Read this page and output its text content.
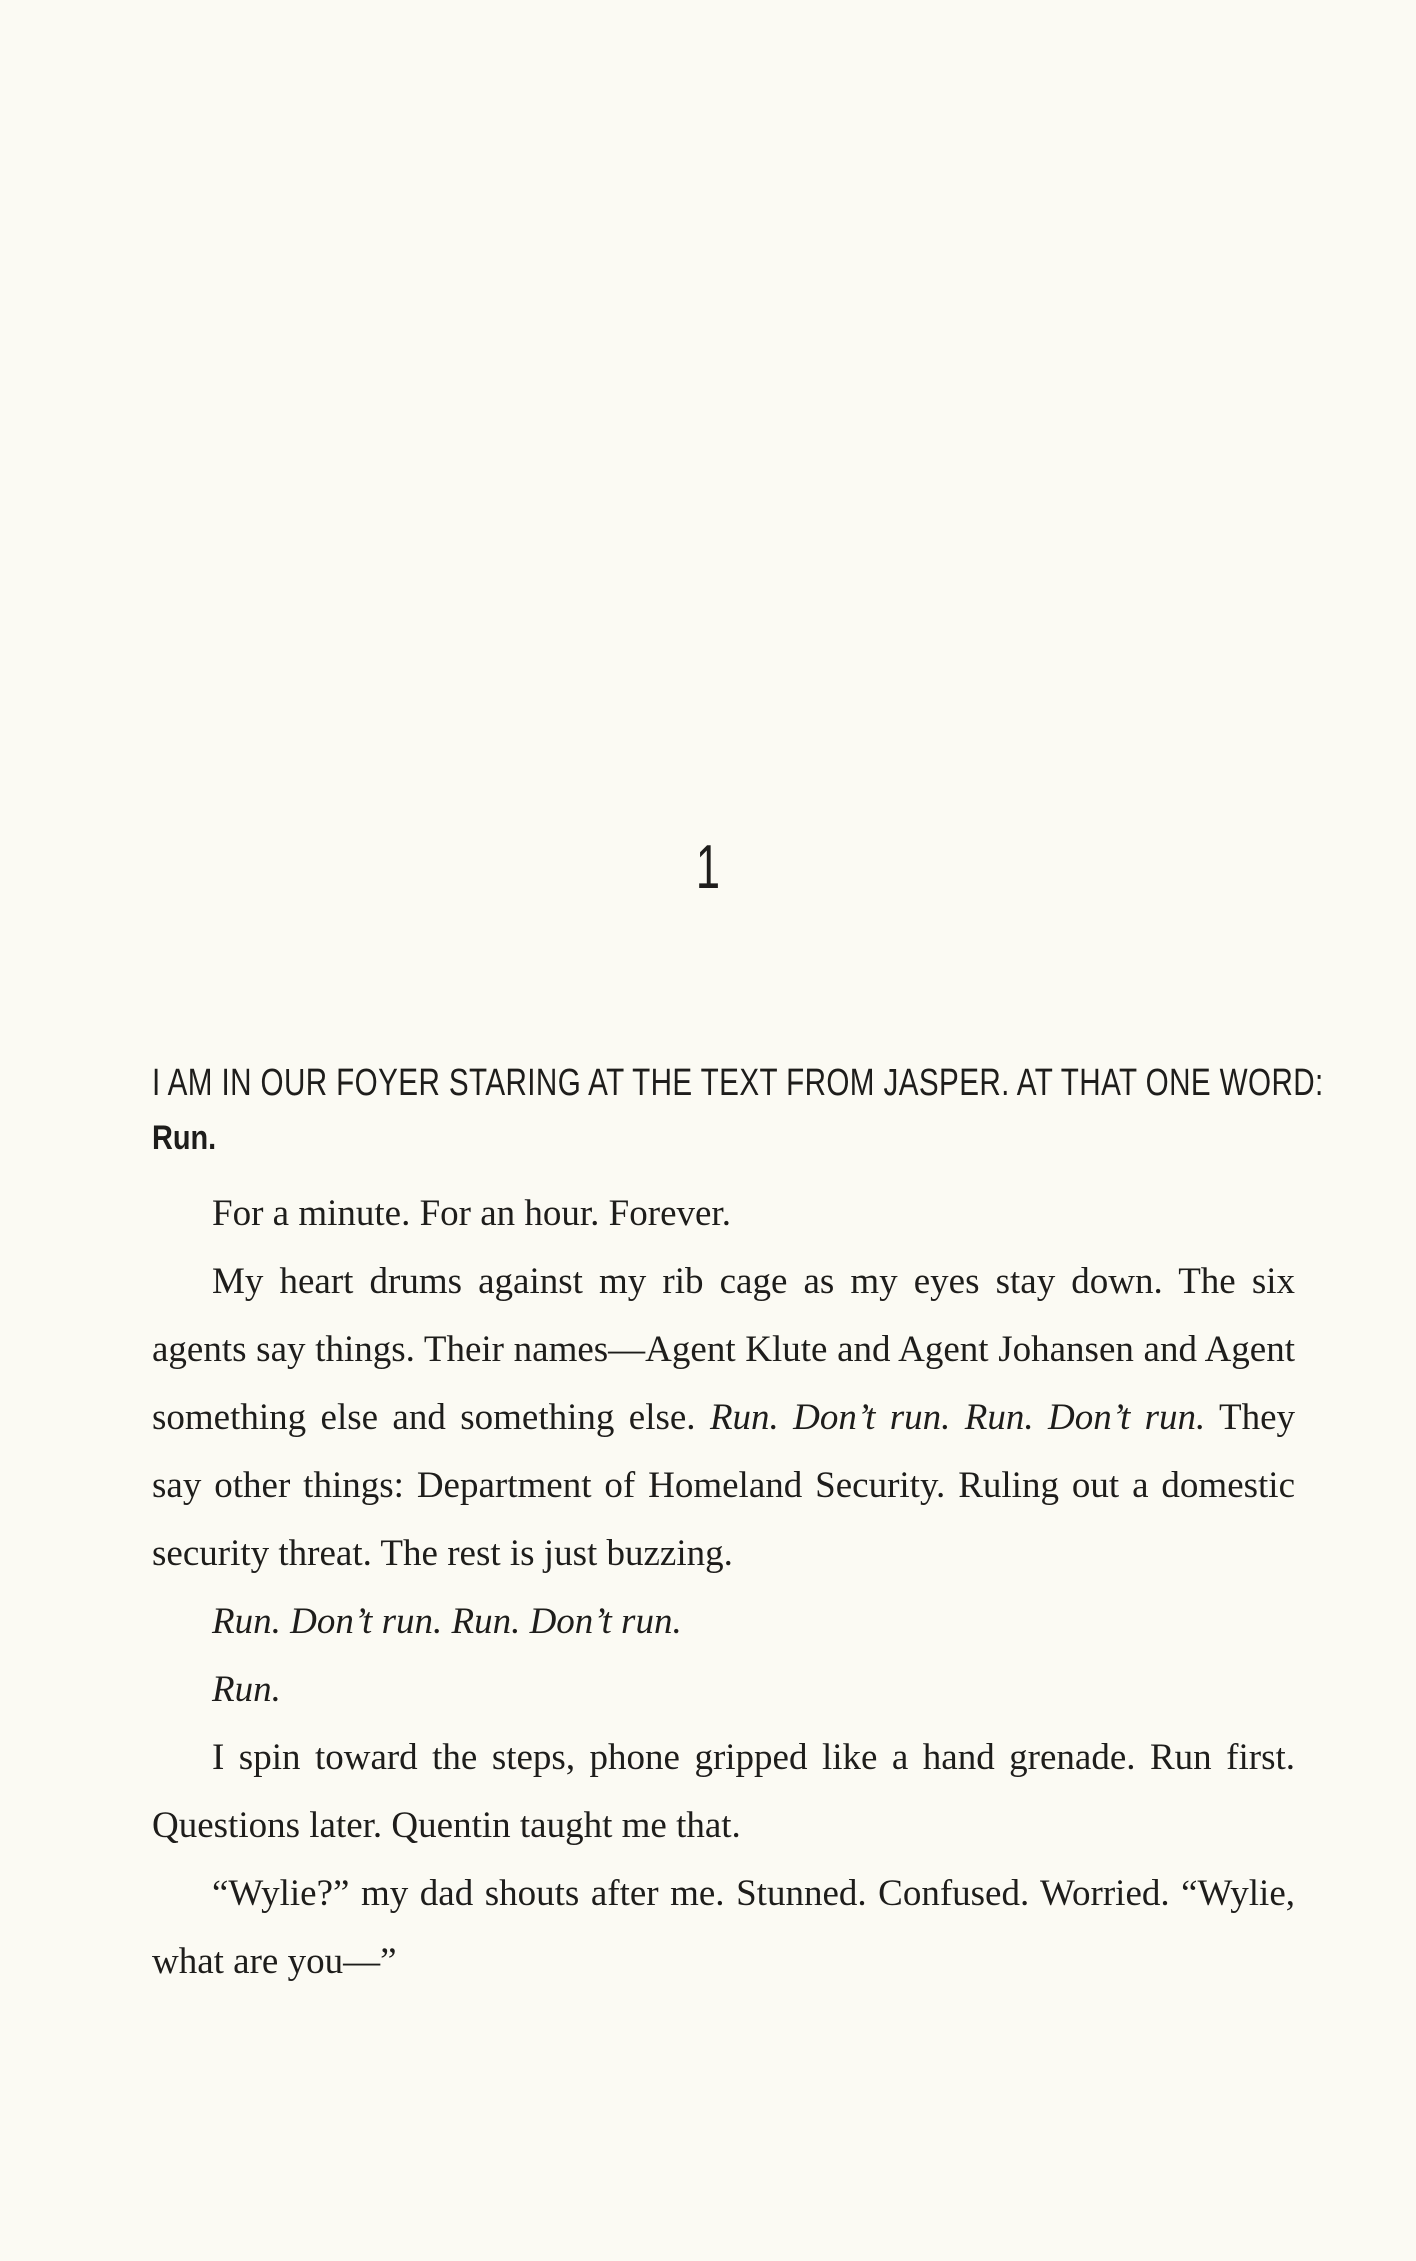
1

I AM IN OUR FOYER STARING AT THE TEXT FROM JASPER. AT THAT ONE WORD:

Run.

For a minute. For an hour. Forever.

My heart drums against my rib cage as my eyes stay down. The six agents say things. Their names—Agent Klute and Agent Johansen and Agent something else and something else. Run. Don’t run. Run. Don’t run. They say other things: Department of Homeland Security. Ruling out a domestic security threat. The rest is just buzzing.

Run. Don’t run. Run. Don’t run.

Run.

I spin toward the steps, phone gripped like a hand grenade. Run first. Questions later. Quentin taught me that.

“Wylie?” my dad shouts after me. Stunned. Confused. Worried. “Wylie, what are you—”
